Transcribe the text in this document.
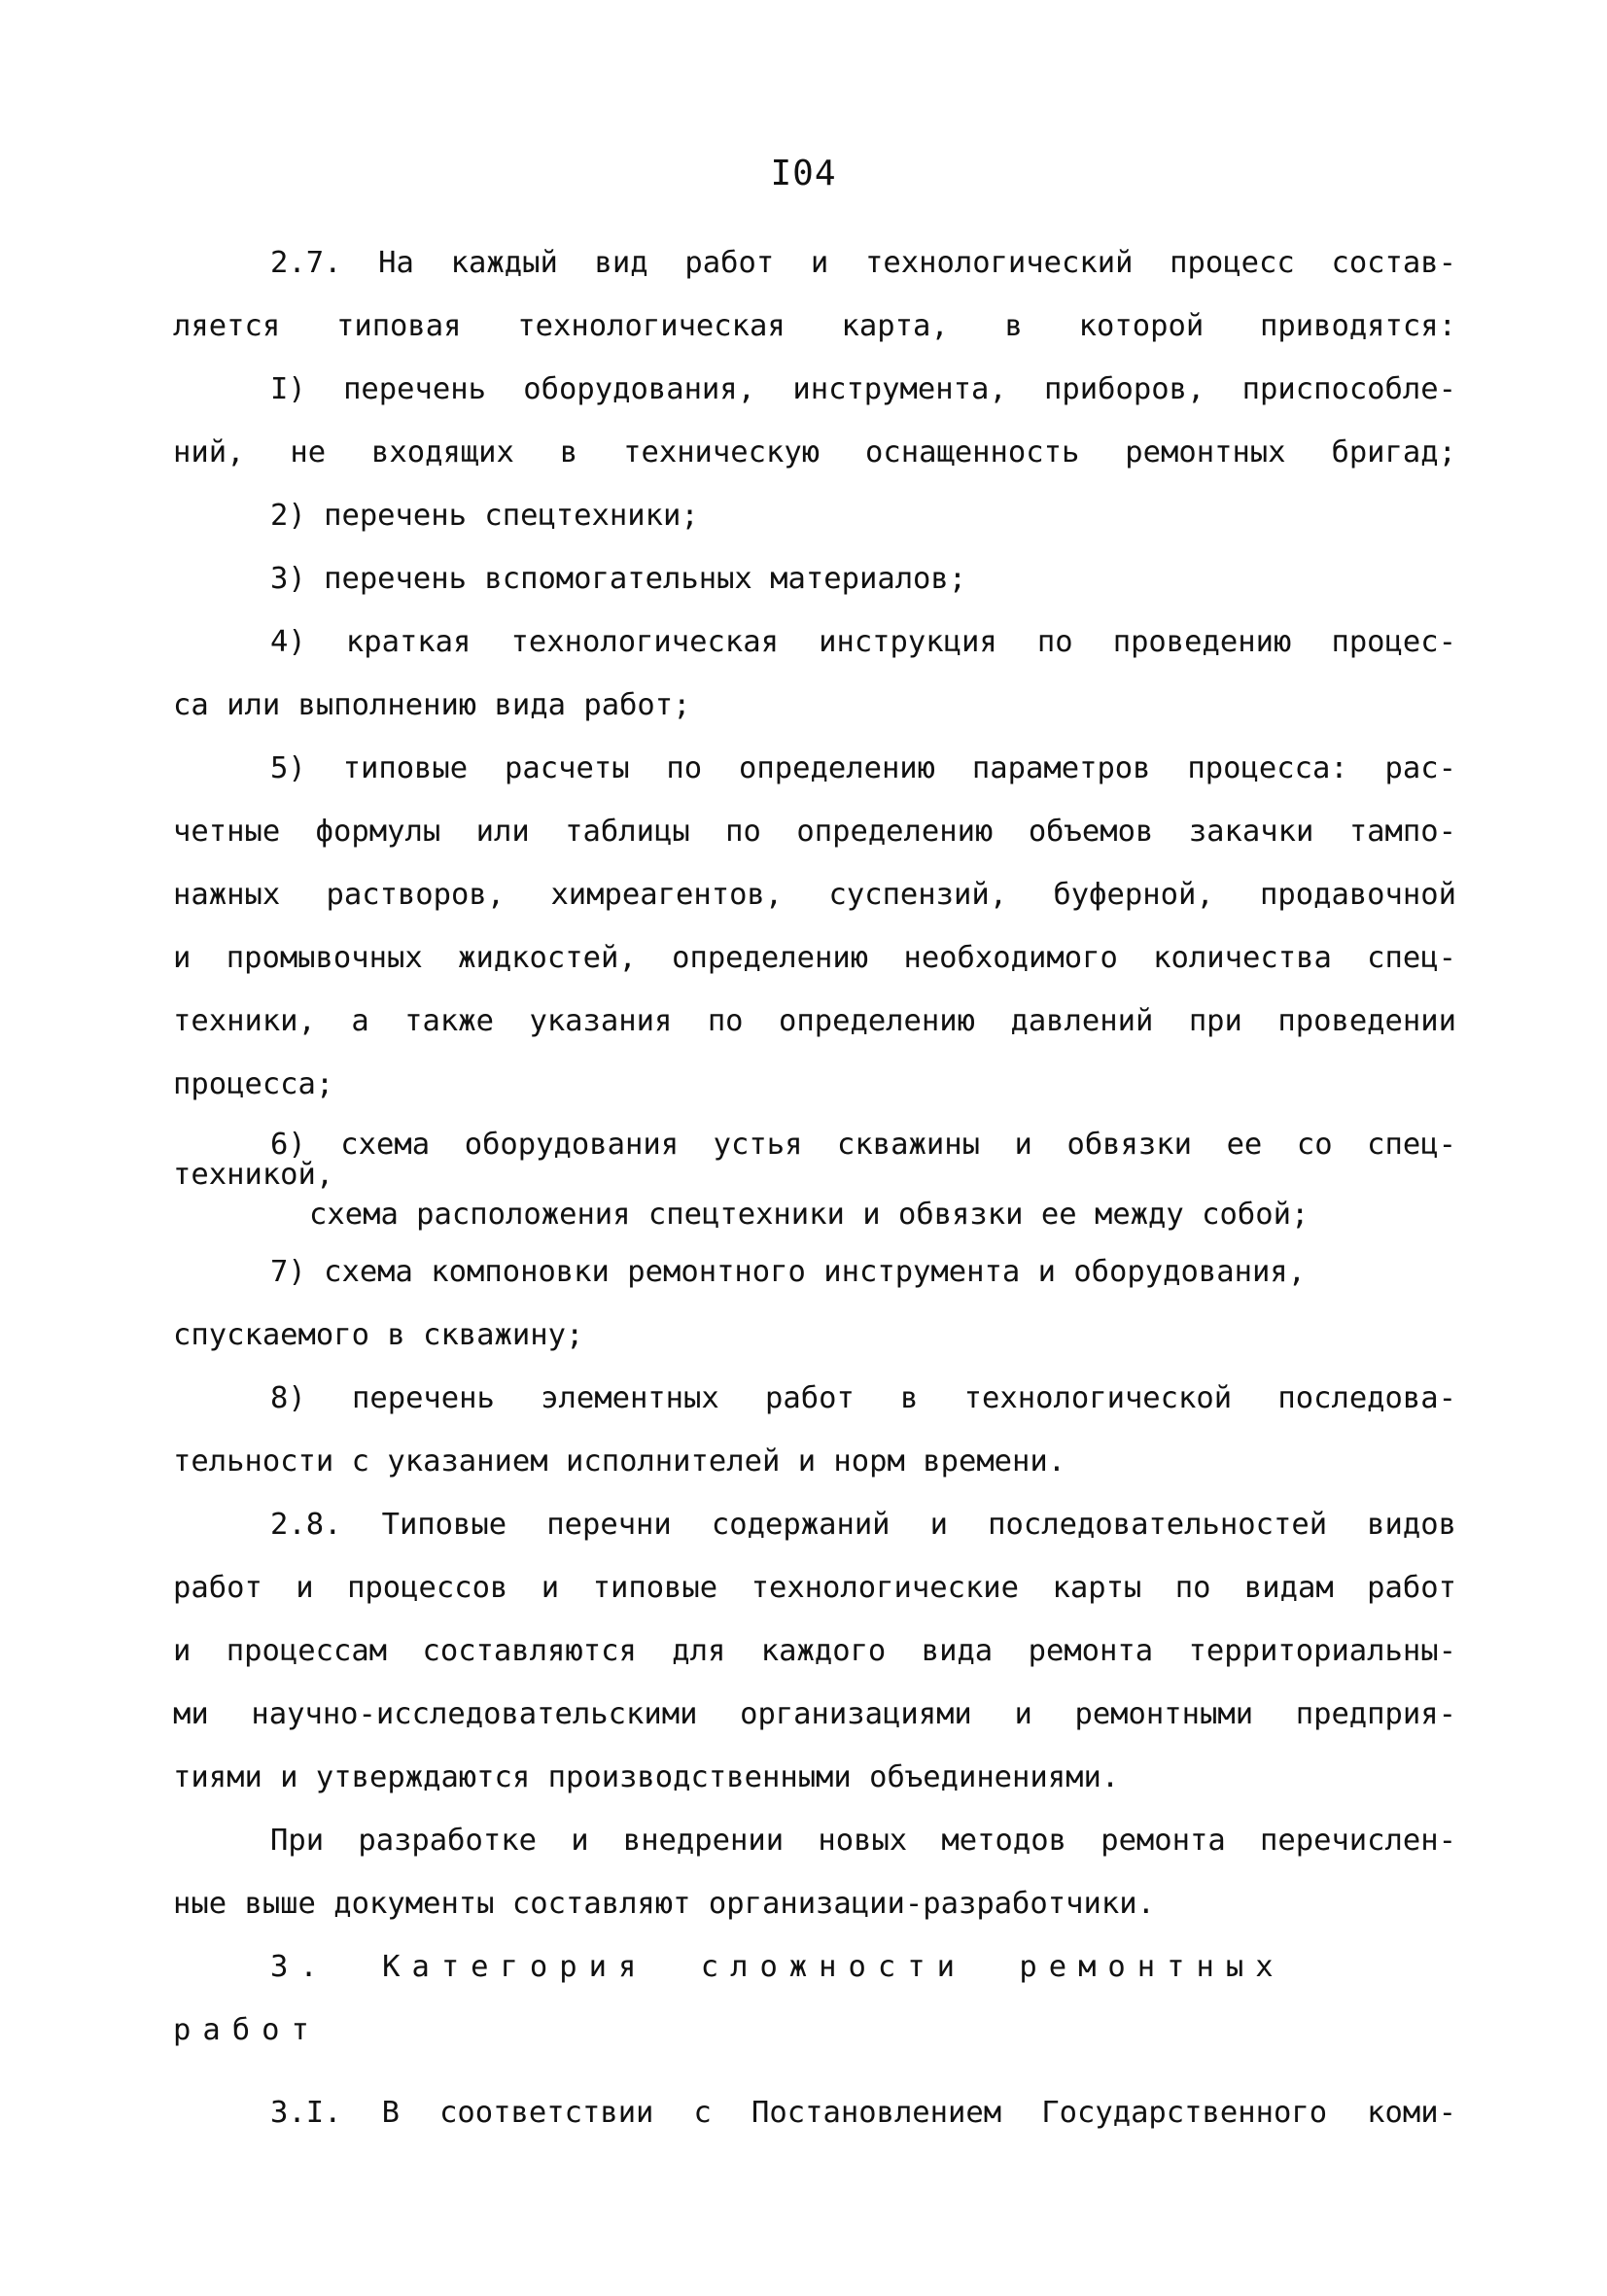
I04
2.7. На каждый вид работ и технологический процесс состав-
ляется типовая технологическая карта, в которой приводятся:
I) перечень оборудования, инструмента, приборов, приспособле-
ний, не входящих в техническую оснащенность ремонтных бригад;
2) перечень спецтехники;
3) перечень вспомогательных материалов;
4) краткая технологическая инструкция по проведению процес-
са или выполнению вида работ;
5) типовые расчеты по определению параметров процесса: рас-
четные формулы или таблицы по определению объемов закачки тампо-
нажных растворов, химреагентов, суспензий, буферной, продавочной
и промывочных жидкостей, определению необходимого количества спец-
техники, а также указания по определению давлений при проведении
процесса;
6) схема оборудования устья скважины и обвязки ее со спец-
техникой,
схема расположения спецтехники и обвязки ее между собой;
7) схема компоновки ремонтного инструмента и оборудования,
спускаемого в скважину;
8) перечень элементных работ в технологической последова-
тельности с указанием исполнителей и норм времени.
2.8. Типовые перечни содержаний и последовательностей видов
работ и процессов и типовые технологические карты по видам работ
и процессам составляются для каждого вида ремонта территориальны-
ми научно-исследовательскими организациями и ремонтными предприя-
тиями и утверждаются производственными объединениями.
При разработке и внедрении новых методов ремонта перечислен-
ные выше документы составляют организации-разработчики.
3. Категория сложности ремонтных
работ
3.I. В соответствии с Постановлением Государственного коми-
